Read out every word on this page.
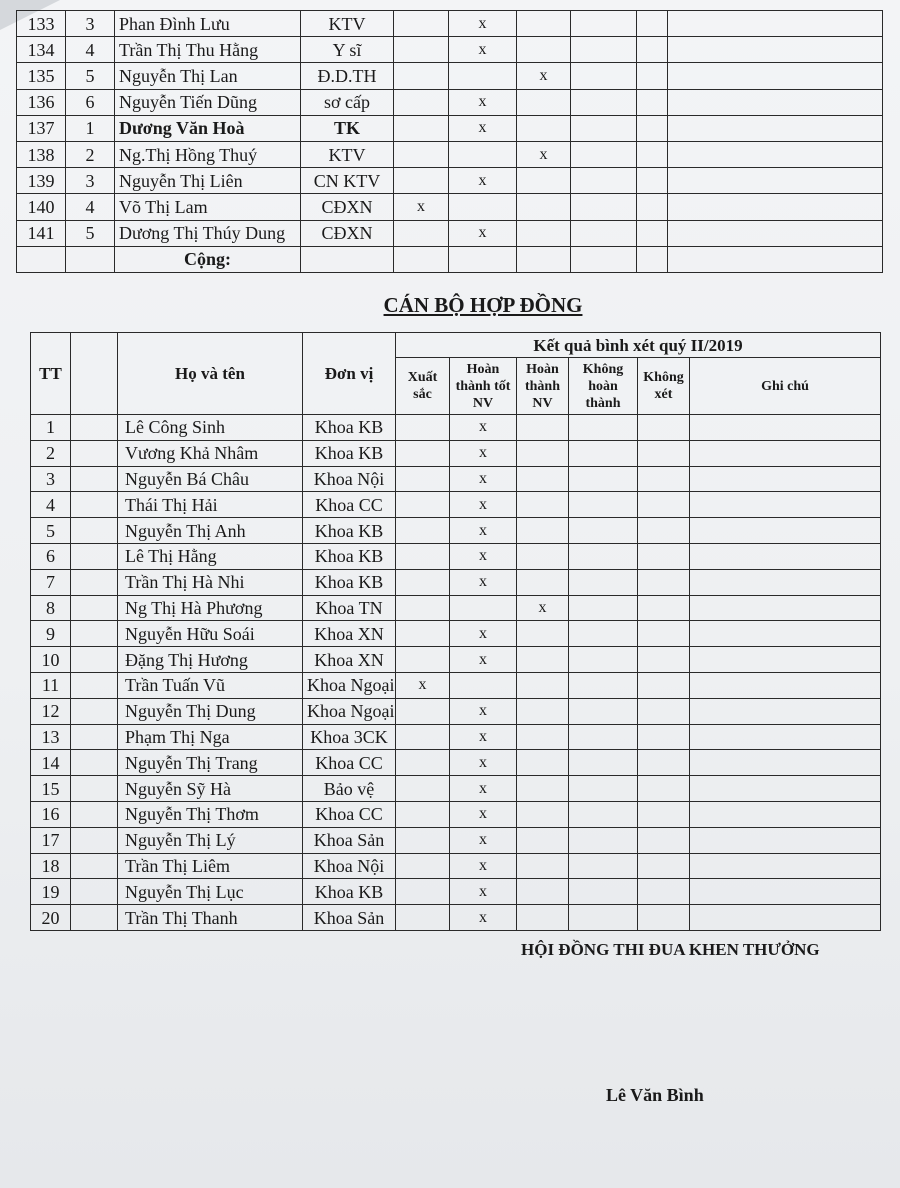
133	3	Phan Đình Lưu	KTV		x				
134	4	Trần Thị Thu Hằng	Y sĩ		x				
135	5	Nguyễn Thị Lan	Đ.D.TH			x			
136	6	Nguyễn Tiến Dũng	sơ cấp		x				
137	1	Dương Văn Hoà	TK		x				
138	2	Ng.Thị Hồng Thuý	KTV			x			
139	3	Nguyễn Thị Liên	CN KTV		x				
140	4	Võ Thị Lam	CĐXN	x					
141	5	Dương Thị Thúy Dung	CĐXN		x				
		Cộng:							
CÁN BỘ HỢP ĐỒNG
TT		Họ và tên	Đơn vị	Kết quả bình xét quý II/2019					
				Xuất sắc	Hoàn thành tốt NV	Hoàn thành NV	Không hoàn thành	Không xét	Ghi chú
1		Lê Công Sinh	Khoa KB		x				
2		Vương Khả Nhâm	Khoa KB		x				
3		Nguyễn Bá Châu	Khoa Nội		x				
4		Thái Thị Hải	Khoa CC		x				
5		Nguyễn Thị Anh	Khoa KB		x				
6		Lê Thị Hằng	Khoa KB		x				
7		Trần Thị Hà Nhi	Khoa KB		x				
8		Ng Thị Hà Phương	Khoa TN			x			
9		Nguyễn Hữu Soái	Khoa XN		x				
10		Đặng Thị Hương	Khoa XN		x				
11		Trần Tuấn Vũ	Khoa Ngoại	x					
12		Nguyễn Thị Dung	Khoa Ngoại		x				
13		Phạm Thị Nga	Khoa 3CK		x				
14		Nguyễn Thị Trang	Khoa CC		x				
15		Nguyễn Sỹ Hà	Bảo vệ		x				
16		Nguyễn Thị Thơm	Khoa CC		x				
17		Nguyễn Thị Lý	Khoa Sản		x				
18		Trần Thị Liêm	Khoa Nội		x				
19		Nguyễn Thị Lục	Khoa KB		x				
20		Trần Thị Thanh	Khoa Sản		x				
HỘI ĐỒNG THI ĐUA KHEN THƯỞNG
Lê Văn Bình
